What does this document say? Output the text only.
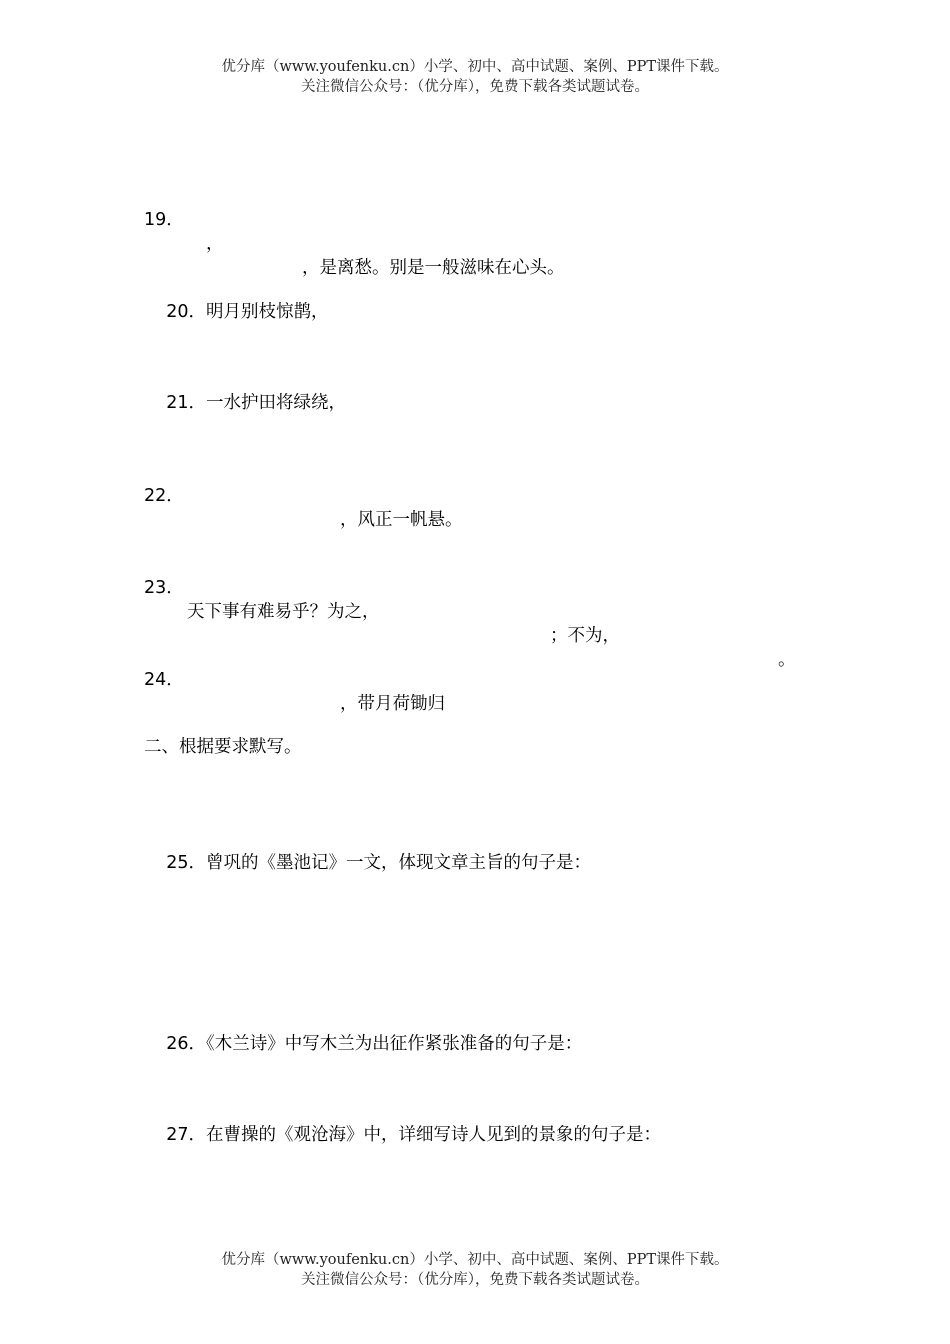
优分库（www.youfenku.cn）小学、初中、高中试题、案例、PPT课件下载。
关注微信公众号：（优分库），免费下载各类试题试卷。

19．

，

，是离愁。别是一般滋味在心头。

20．明月别枝惊鹊，

21．一水护田将绿绕，

22．

，风正一帆悬。

23．

天下事有难易乎？为之，

；不为，

。

24．

，带月荷锄归

二、根据要求默写。

25．曾巩的《墨池记》一文，体现文章主旨的句子是：

26．《木兰诗》中写木兰为出征作紧张准备的句子是：

27．在曹操的《观沧海》中，详细写诗人见到的景象的句子是：

优分库（www.youfenku.cn）小学、初中、高中试题、案例、PPT课件下载。
关注微信公众号：（优分库），免费下载各类试题试卷。
